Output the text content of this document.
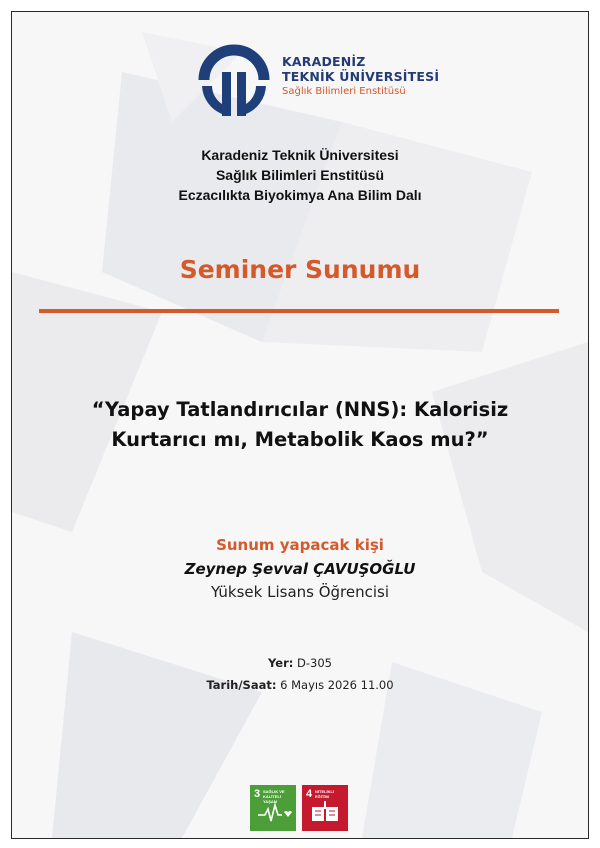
KARADENİZ
TEKNİK ÜNİVERSİTESİ
Sağlık Bilimleri Enstitüsü
Karadeniz Teknik Üniversitesi
Sağlık Bilimleri Enstitüsü
Eczacılıkta Biyokimya Ana Bilim Dalı
Seminer Sunumu
“Yapay Tatlandırıcılar (NNS): Kalorisiz
Kurtarıcı mı, Metabolik Kaos mu?”
Sunum yapacak kişi
Zeynep Şevval ÇAVUŞOĞLU
Yüksek Lisans Öğrencisi
Yer: D-305
Tarih/Saat: 6 Mayıs 2026 11.00
3 SAĞLIK VE KALİTELİ YAŞAM
4 NİTELİKLİ EĞİTİM
